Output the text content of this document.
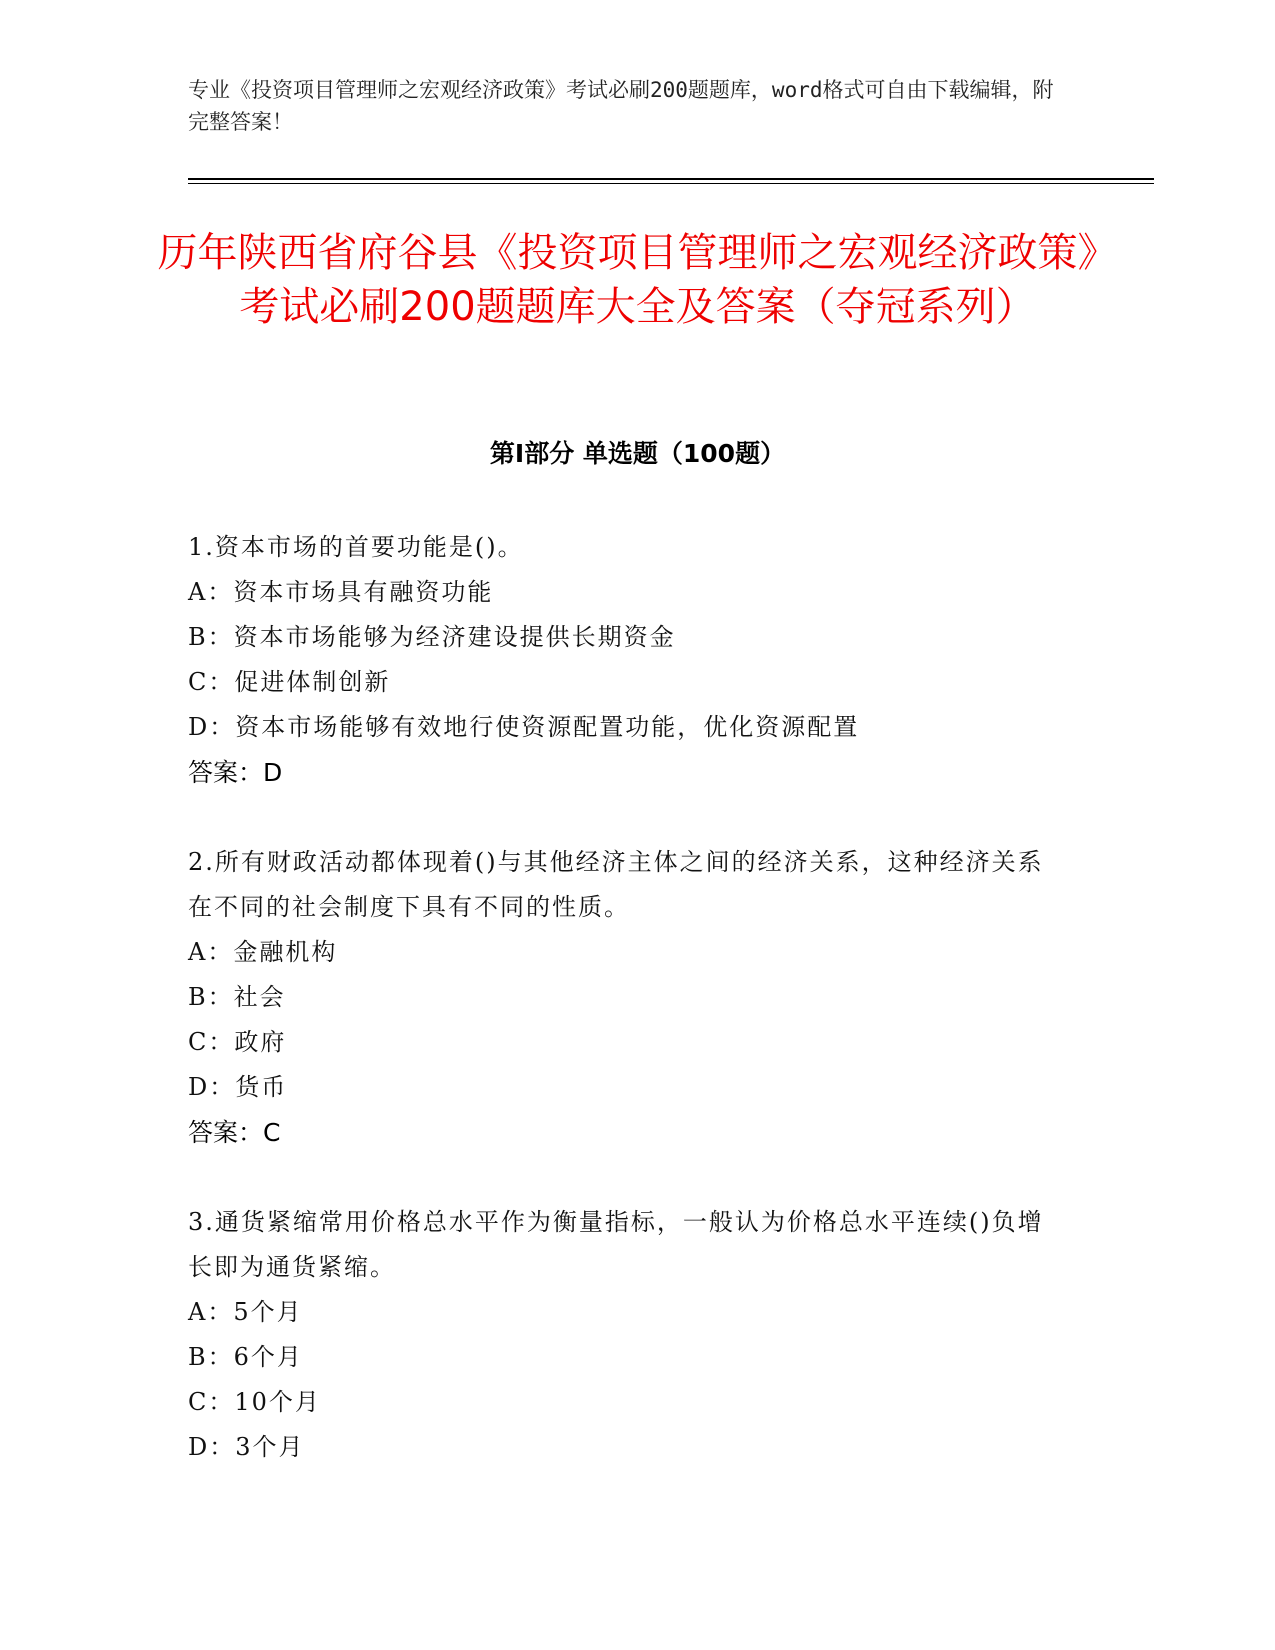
专业《投资项目管理师之宏观经济政策》考试必刷200题题库，word格式可自由下载编辑，附完整答案！
历年陕西省府谷县《投资项目管理师之宏观经济政策》考试必刷200题题库大全及答案（夺冠系列）
第Ⅰ部分 单选题（100题）

1.资本市场的首要功能是()。

A：资本市场具有融资功能

B：资本市场能够为经济建设提供长期资金

C：促进体制创新

D：资本市场能够有效地行使资源配置功能，优化资源配置

答案：D

2.所有财政活动都体现着()与其他经济主体之间的经济关系，这种经济关系在不同的社会制度下具有不同的性质。

A：金融机构

B：社会

C：政府

D：货币

答案：C

3.通货紧缩常用价格总水平作为衡量指标，一般认为价格总水平连续()负增长即为通货紧缩。

A：5个月

B：6个月

C：10个月

D：3个月
